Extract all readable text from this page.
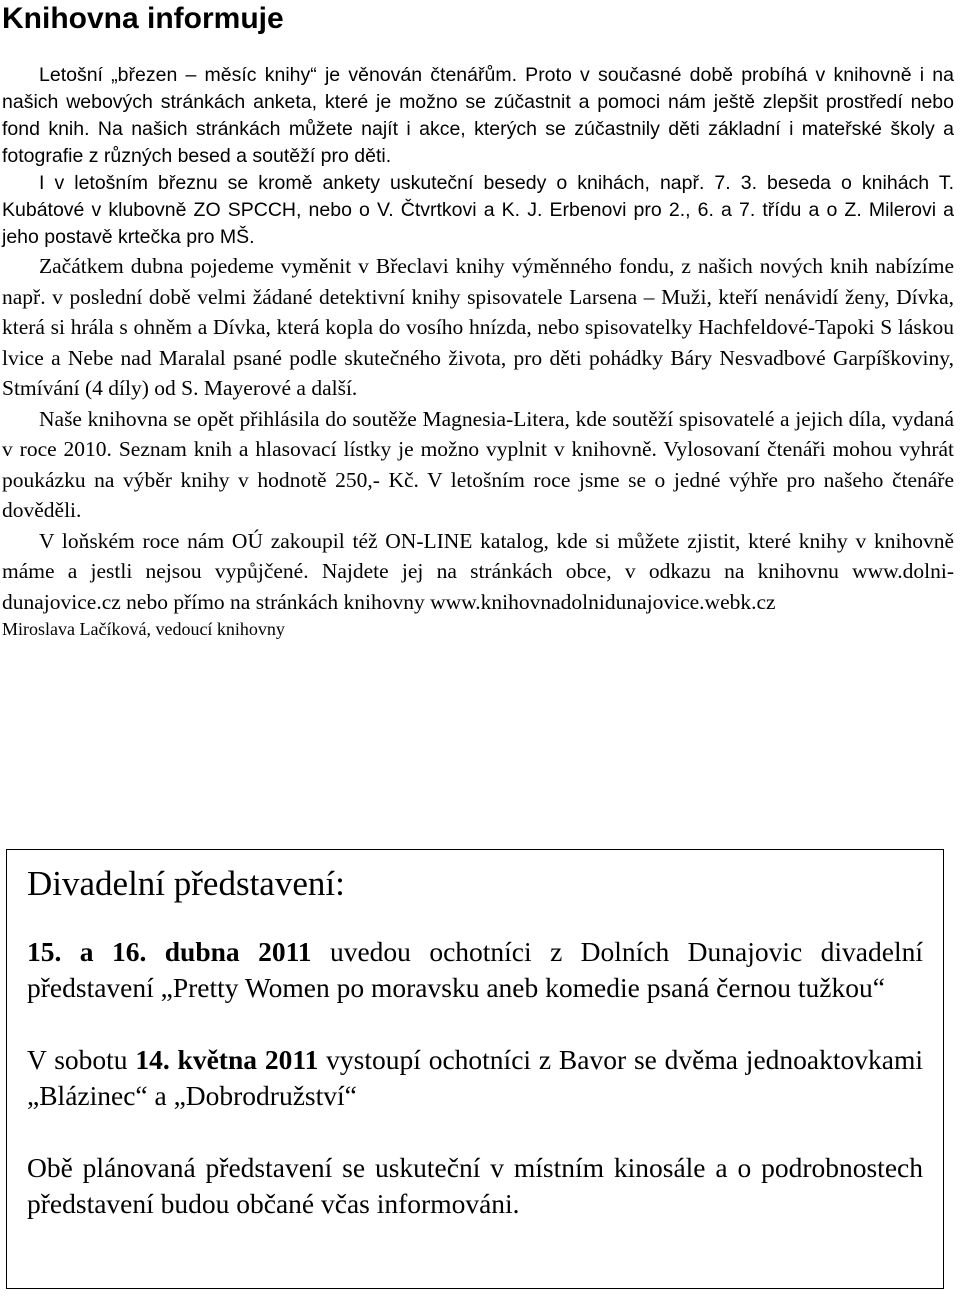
Knihovna informuje

Letošní „březen – měsíc knihy“ je věnován čtenářům. Proto v současné době probíhá v knihovně i na našich webových stránkách anketa, které je možno se zúčastnit a pomoci nám ještě zlepšit prostředí nebo fond knih. Na našich stránkách můžete najít i akce, kterých se zúčastnily děti základní i mateřské školy a fotografie z různých besed a soutěží pro děti.

I v letošním březnu se kromě ankety uskuteční besedy o knihách, např. 7. 3. beseda o knihách T. Kubátové v klubovně ZO SPCCH, nebo o V. Čtvrtkovi a K. J. Erbenovi pro 2., 6. a 7. třídu a o Z. Milerovi a jeho postavě krtečka pro MŠ.

Začátkem dubna pojedeme vyměnit v Břeclavi knihy výměnného fondu, z našich nových knih nabízíme např. v poslední době velmi žádané detektivní knihy spisovatele Larsena – Muži, kteří nenávidí ženy, Dívka, která si hrála s ohněm a Dívka, která kopla do vosího hnízda, nebo spisovatelky Hachfeldové-Tapoki S láskou lvice a Nebe nad Maralal psané podle skutečného života, pro děti pohádky Báry Nesvadbové Garpíškoviny, Stmívání (4 díly) od S. Mayerové a další.

Naše knihovna se opět přihlásila do soutěže Magnesia-Litera, kde soutěží spisovatelé a jejich díla, vydaná v roce 2010. Seznam knih a hlasovací lístky je možno vyplnit v knihovně. Vylosovaní čtenáři mohou vyhrát poukázku na výběr knihy v hodnotě 250,- Kč. V letošním roce jsme se o jedné výhře pro našeho čtenáře dověděli.

V loňském roce nám OÚ zakoupil též ON-LINE katalog, kde si můžete zjistit, které knihy v knihovně máme a jestli nejsou vypůjčené. Najdete jej na stránkách obce, v odkazu na knihovnu www.dolni-dunajovice.cz nebo přímo na stránkách knihovny www.knihovnadolnidunajovice.webk.cz

Miroslava Lačíková, vedoucí knihovny

Divadelní představení:

15. a 16. dubna 2011 uvedou ochotníci z Dolních Dunajovic divadelní představení „Pretty Women po moravsku aneb komedie psaná černou tužkou“

V sobotu 14. května 2011 vystoupí ochotníci z Bavor se dvěma jednoaktovkami „Blázinec“ a „Dobrodružství“

Obě plánovaná představení se uskuteční v místním kinosále a o podrobnostech představení budou občané včas informováni.
